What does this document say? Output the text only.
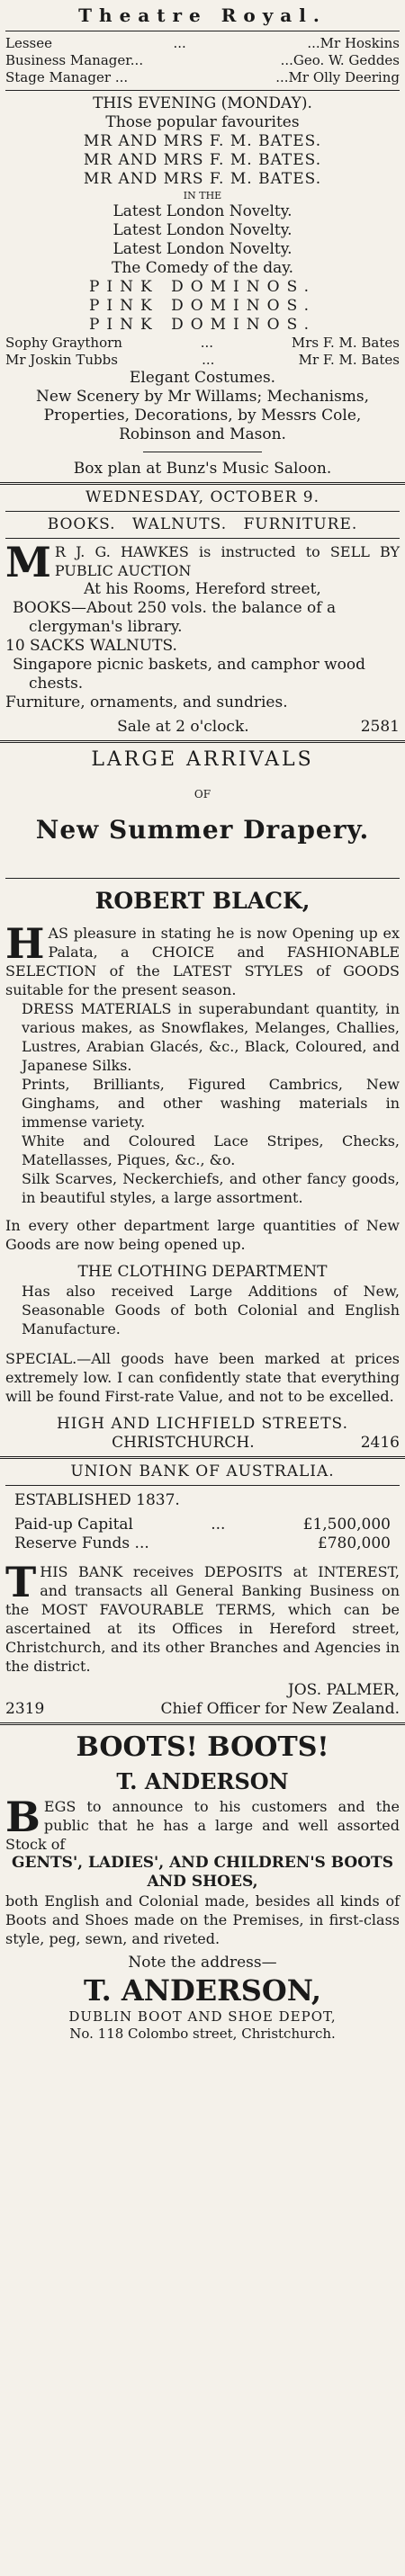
Theatre Royal.
Lessee	...	...Mr Hoskins
Business Manager...	...Geo. W. Geddes
Stage Manager ...	...Mr Olly Deering
THIS EVENING (MONDAY).
Those popular favourites
MR AND MRS F. M. BATES.
MR AND MRS F. M. BATES.
MR AND MRS F. M. BATES.
IN THE
Latest London Novelty.
Latest London Novelty.
Latest London Novelty.
The Comedy of the day.
PINK DOMINOS.
PINK DOMINOS.
PINK DOMINOS.
Sophy Graythorn	...	Mrs F. M. Bates
Mr Joskin Tubbs	...	Mr F. M. Bates
Elegant Costumes.
New Scenery by Mr Willams; Mechanisms, Properties, Decorations, by Messrs Cole, Robinson and Mason.
Box plan at Bunz's Music Saloon.
WEDNESDAY, OCTOBER 9.
BOOKS. WALNUTS. FURNITURE.
M R J. G. HAWKES is instructed to SELL BY PUBLIC AUCTION
At his Rooms, Hereford street,
BOOKS—About 250 vols. the balance of a clergyman's library.
10 SACKS WALNUTS.
Singapore picnic baskets, and camphor wood chests.
Furniture, ornaments, and sundries.
Sale at 2 o'clock.	2581
LARGE ARRIVALS
OF
New Summer Drapery.
ROBERT BLACK,
H AS pleasure in stating he is now Opening up ex Palata, a CHOICE and FASHIONABLE SELECTION of the LATEST STYLES of GOODS suitable for the present season.
DRESS MATERIALS in superabundant quantity, in various makes, as Snowflakes, Melanges, Challies, Lustres, Arabian Glacés, &c., Black, Coloured, and Japanese Silks.
Prints, Brilliants, Figured Cambrics, New Ginghams, and other washing materials in immense variety.
White and Coloured Lace Stripes, Checks, Matellasses, Piques, &c., &o.
Silk Scarves, Neckerchiefs, and other fancy goods, in beautiful styles, a large assortment.
In every other department large quantities of New Goods are now being opened up.
THE CLOTHING DEPARTMENT
Has also received Large Additions of New, Seasonable Goods of both Colonial and English Manufacture.
SPECIAL.—All goods have been marked at prices extremely low. I can confidently state that everything will be found First-rate Value, and not to be excelled.
HIGH AND LICHFIELD STREETS.
CHRISTCHURCH.	2416
UNION BANK OF AUSTRALIA.
ESTABLISHED 1837.
Paid-up Capital	...	£1,500,000
Reserve Funds ...	£780,000
T HIS BANK receives DEPOSITS at INTEREST, and transacts all General Banking Business on the MOST FAVOURABLE TERMS, which can be ascertained at its Offices in Hereford street, Christchurch, and its other Branches and Agencies in the district.
JOS. PALMER,
2319	Chief Officer for New Zealand.
BOOTS! BOOTS!
T. ANDERSON
B EGS to announce to his customers and the public that he has a large and well assorted Stock of
GENTS', LADIES', AND CHILDREN'S BOOTS AND SHOES,
both English and Colonial made, besides all kinds of Boots and Shoes made on the Premises, in first-class style, peg, sewn, and riveted.
Note the address—
T. ANDERSON,
DUBLIN BOOT AND SHOE DEPOT,
No. 118 Colombo street, Christchurch.
